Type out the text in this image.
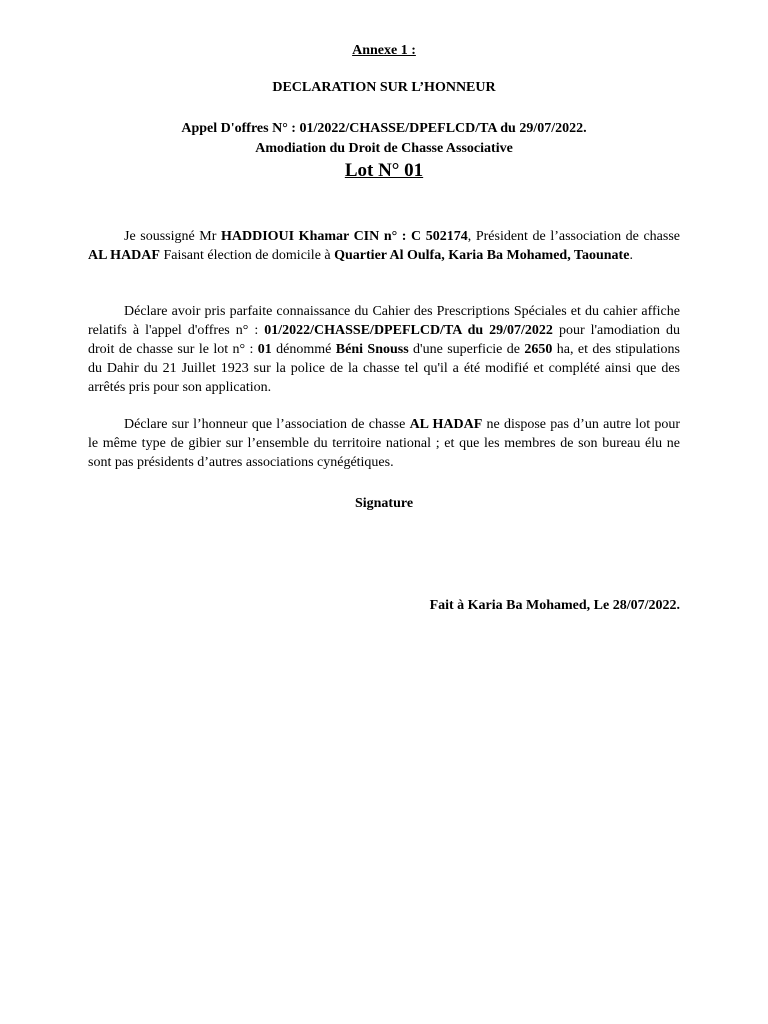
Annexe 1 :
DECLARATION SUR L’HONNEUR
Appel D'offres N° : 01/2022/CHASSE/DPEFLCD/TA du 29/07/2022.
Amodiation du Droit de Chasse Associative
Lot N° 01
Je soussigné Mr HADDIOUI Khamar CIN n° : C 502174, Président de l’association de chasse AL HADAF Faisant élection de domicile à Quartier Al Oulfa, Karia Ba Mohamed, Taounate.
Déclare avoir pris parfaite connaissance du Cahier des Prescriptions Spéciales et du cahier affiche relatifs à l'appel d'offres n° : 01/2022/CHASSE/DPEFLCD/TA du 29/07/2022 pour l'amodiation du droit de chasse sur le lot n° : 01 dénommé Béni Snouss d'une superficie de 2650 ha, et des stipulations du Dahir du 21 Juillet 1923 sur la police de la chasse tel qu'il a été modifié et complété ainsi que des arrêtés pris pour son application.
Déclare sur l’honneur que l’association de chasse AL HADAF ne dispose pas d’un autre lot pour le même type de gibier sur l’ensemble du territoire national ; et que les membres de son bureau élu ne sont pas présidents d’autres associations cynégétiques.
Signature
Fait à Karia Ba Mohamed, Le 28/07/2022.
